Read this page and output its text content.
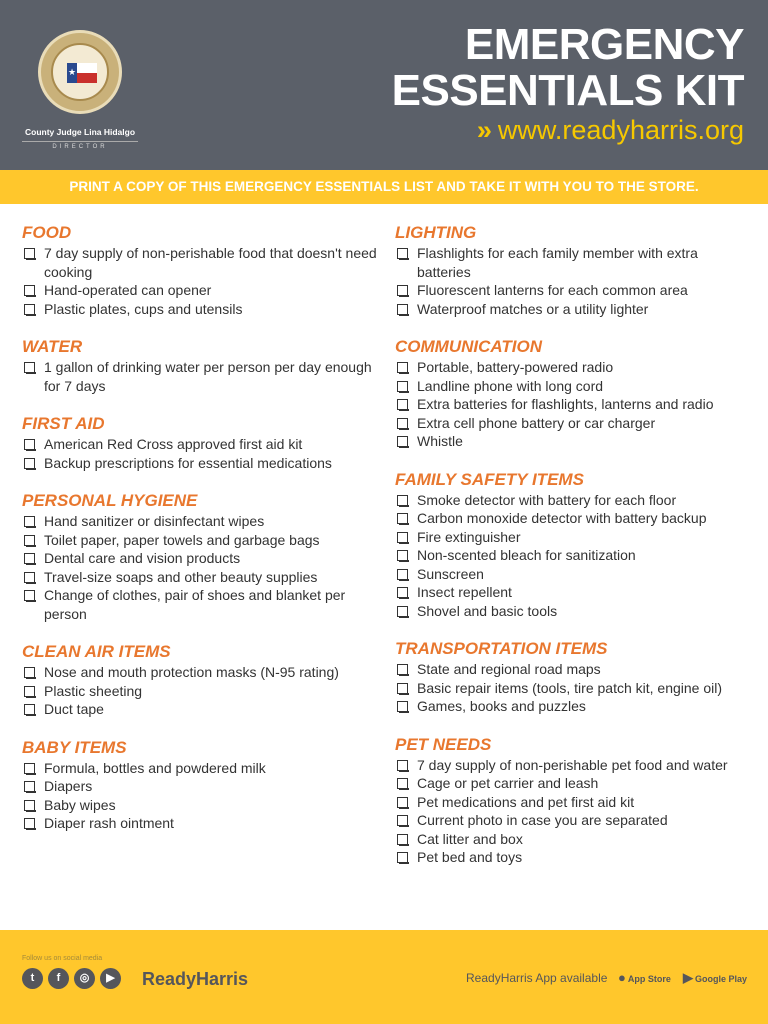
★
County Judge Lina Hidalgo
DIRECTOR
EMERGENCY
ESSENTIALS KIT
» www.readyharris.org
PRINT A COPY OF THIS EMERGENCY ESSENTIALS LIST AND TAKE IT WITH YOU TO THE STORE.
FOOD
7 day supply of non-perishable food that doesn't need cooking
Hand-operated can opener
Plastic plates, cups and utensils
WATER
1 gallon of drinking water per person per day enough for 7 days
FIRST AID
American Red Cross approved first aid kit
Backup prescriptions for essential medications
PERSONAL HYGIENE
Hand sanitizer or disinfectant wipes
Toilet paper, paper towels and garbage bags
Dental care and vision products
Travel-size soaps and other beauty supplies
Change of clothes, pair of shoes and blanket per person
CLEAN AIR ITEMS
Nose and mouth protection masks (N-95 rating)
Plastic sheeting
Duct tape
BABY ITEMS
Formula, bottles and powdered milk
Diapers
Baby wipes
Diaper rash ointment
LIGHTING
Flashlights for each family member with extra batteries
Fluorescent lanterns for each common area
Waterproof matches or a utility lighter
COMMUNICATION
Portable, battery-powered radio
Landline phone with long cord
Extra batteries for flashlights, lanterns and radio
Extra cell phone battery or car charger
Whistle
FAMILY SAFETY ITEMS
Smoke detector with battery for each floor
Carbon monoxide detector with battery backup
Fire extinguisher
Non-scented bleach for sanitization
Sunscreen
Insect repellent
Shovel and basic tools
TRANSPORTATION ITEMS
State and regional road maps
Basic repair items (tools, tire patch kit, engine oil)
Games, books and puzzles
PET NEEDS
7 day supply of non-perishable pet food and water
Cage or pet carrier and leash
Pet medications and pet first aid kit
Current photo in case you are separated
Cat litter and box
Pet bed and toys
Follow us on social media
t f ◎ ▶	ReadyHarris	ReadyHarris App available ● App Store ▶ Google Play
